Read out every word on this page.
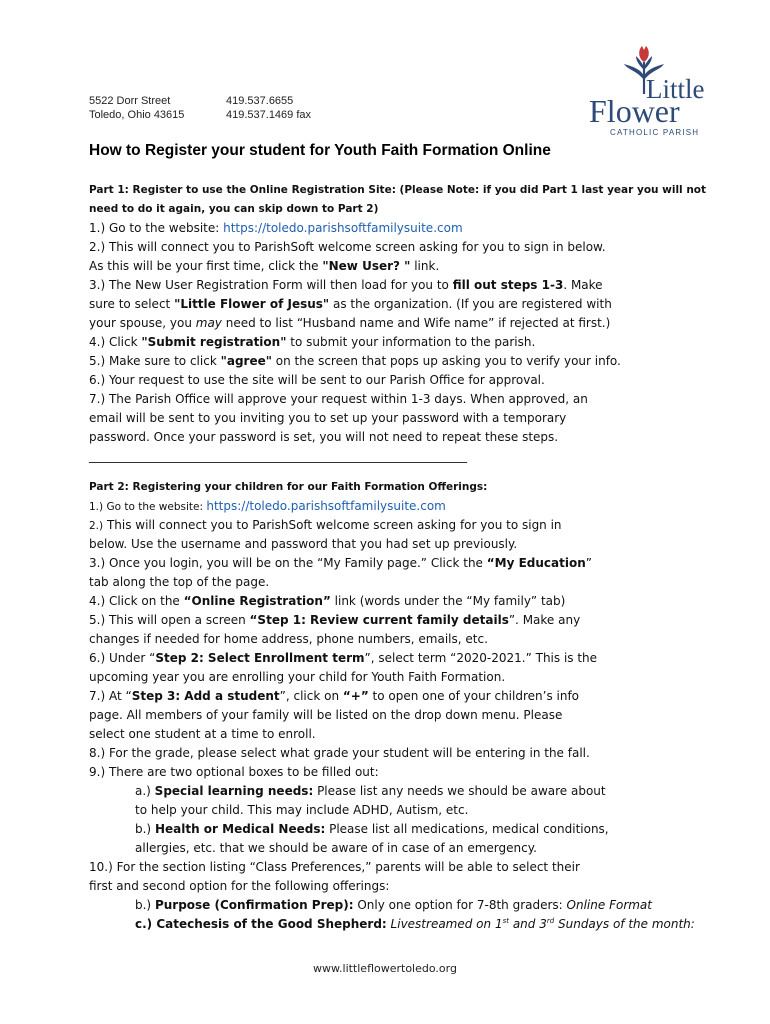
5522 Dorr Street
Toledo, Ohio 43615
419.537.6655
419.537.1469 fax
Little
Flower
CATHOLIC PARISH
How to Register your student for Youth Faith Formation Online
Part 1: Register to use the Online Registration Site: (Please Note: if you did Part 1 last year you will not
need to do it again, you can skip down to Part 2)
1.) Go to the website: https://toledo.parishsoftfamilysuite.com
2.) This will connect you to ParishSoft welcome screen asking for you to sign in below.
As this will be your first time, click the "New User? " link.
3.) The New User Registration Form will then load for you to fill out steps 1-3. Make
sure to select "Little Flower of Jesus" as the organization. (If you are registered with
your spouse, you may need to list “Husband name and Wife name” if rejected at first.)
4.) Click "Submit registration" to submit your information to the parish.
5.) Make sure to click "agree" on the screen that pops up asking you to verify your info.
6.) Your request to use the site will be sent to our Parish Office for approval.
7.) The Parish Office will approve your request within 1-3 days. When approved, an
email will be sent to you inviting you to set up your password with a temporary
password. Once your password is set, you will not need to repeat these steps.
_______________________________________________________________
Part 2: Registering your children for our Faith Formation Offerings:
1.) Go to the website: https://toledo.parishsoftfamilysuite.com
2.) This will connect you to ParishSoft welcome screen asking for you to sign in
below. Use the username and password that you had set up previously.
3.) Once you login, you will be on the “My Family page.” Click the “My Education”
tab along the top of the page.
4.) Click on the “Online Registration” link (words under the “My family” tab)
5.) This will open a screen “Step 1: Review current family details”. Make any
changes if needed for home address, phone numbers, emails, etc.
6.) Under “Step 2: Select Enrollment term”, select term “2020-2021.” This is the
upcoming year you are enrolling your child for Youth Faith Formation.
7.) At “Step 3: Add a student”, click on “+” to open one of your children’s info
page. All members of your family will be listed on the drop down menu. Please
select one student at a time to enroll.
8.) For the grade, please select what grade your student will be entering in the fall.
9.) There are two optional boxes to be filled out:
a.) Special learning needs: Please list any needs we should be aware about
to help your child. This may include ADHD, Autism, etc.
b.) Health or Medical Needs: Please list all medications, medical conditions,
allergies, etc. that we should be aware of in case of an emergency.
10.) For the section listing “Class Preferences,” parents will be able to select their
first and second option for the following offerings:
b.) Purpose (Confirmation Prep): Only one option for 7-8th graders: Online Format
c.) Catechesis of the Good Shepherd: Livestreamed on 1st and 3rd Sundays of the month:
www.littleflowertoledo.org
